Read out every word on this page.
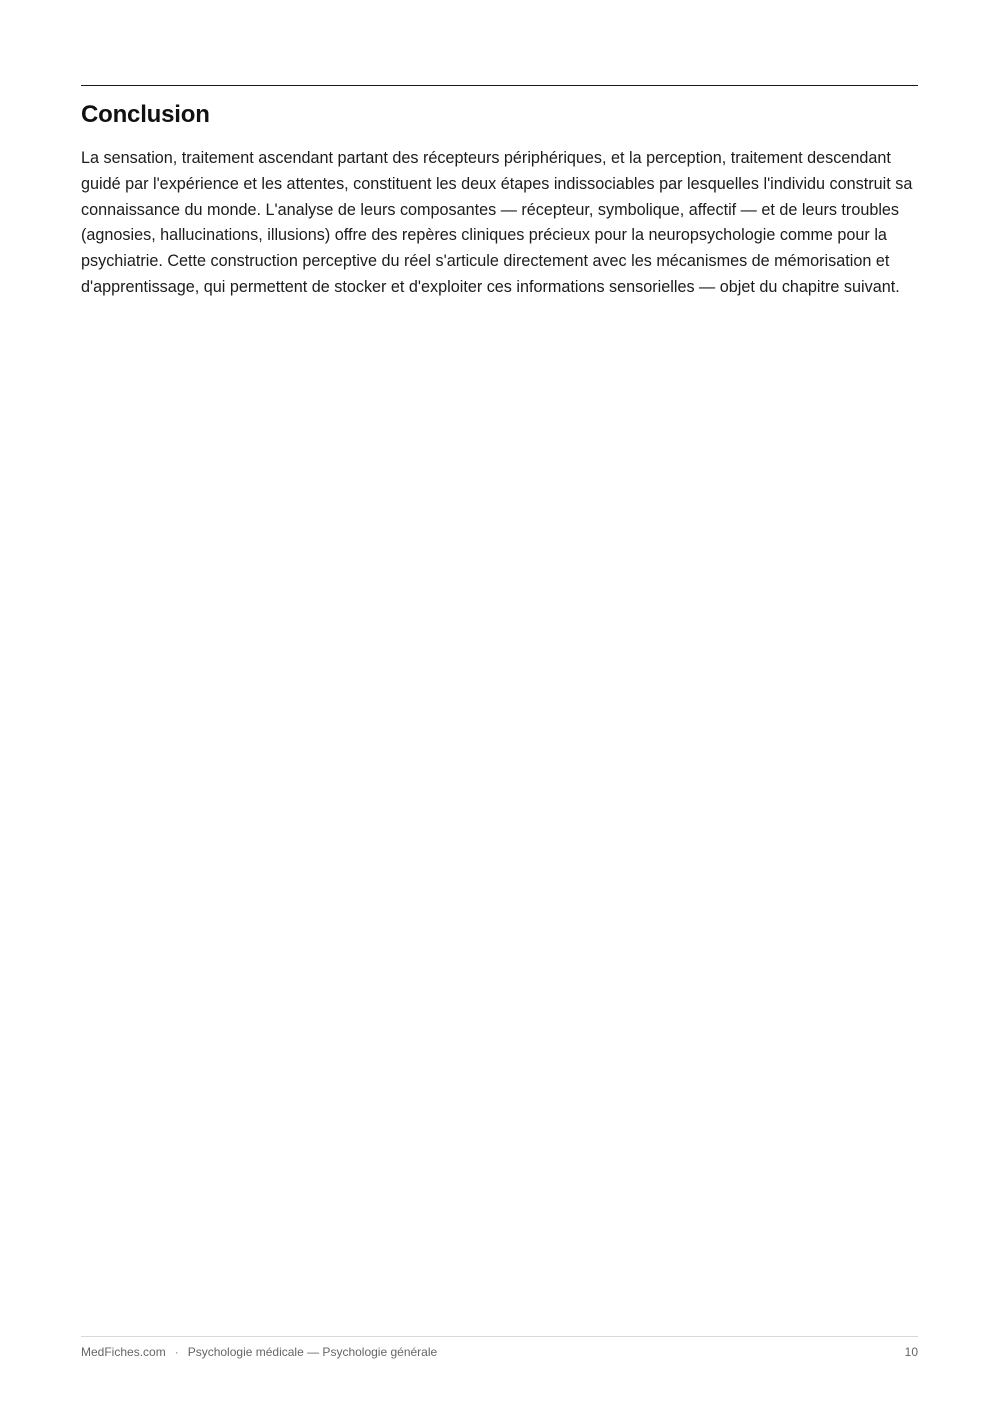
Conclusion

La sensation, traitement ascendant partant des récepteurs périphériques, et la perception, traitement descendant guidé par l'expérience et les attentes, constituent les deux étapes indissociables par lesquelles l'individu construit sa connaissance du monde. L'analyse de leurs composantes — récepteur, symbolique, affectif — et de leurs troubles (agnosies, hallucinations, illusions) offre des repères cliniques précieux pour la neuropsychologie comme pour la psychiatrie. Cette construction perceptive du réel s'articule directement avec les mécanismes de mémorisation et d'apprentissage, qui permettent de stocker et d'exploiter ces informations sensorielles — objet du chapitre suivant.

MedFiches.com · Psychologie médicale — Psychologie générale	10
